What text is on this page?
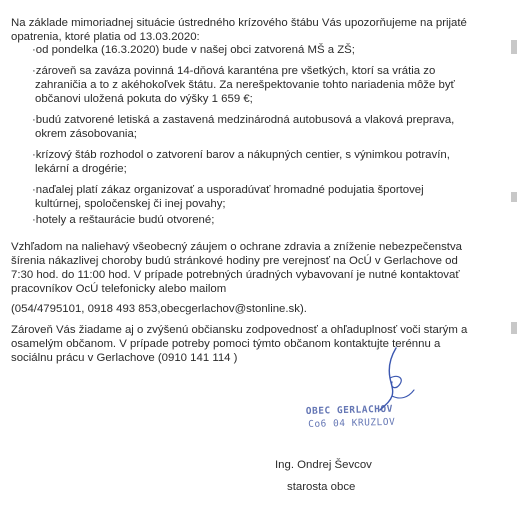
Na základe mimoriadnej situácie ústredného krízového štábu Vás upozorňujeme na prijaté
opatrenia, ktoré platia od 13.03.2020:
·od pondelka (16.3.2020) bude v našej obci zatvorená MŠ a ZŠ;
·zároveň sa zaváza povinná 14-dňová karanténa pre všetkých, ktorí sa vrátia zo
zahraničia a to z akéhokoľvek štátu. Za nerešpektovanie tohto nariadenia môže byť
občanovi uložená pokuta do výšky 1 659 €;
·budú zatvorené letiská a zastavená medzinárodná autobusová a vlaková preprava,
okrem zásobovania;
·krízový štáb rozhodol o zatvorení barov a nákupných centier, s výnimkou potravín,
lekární a drogérie;
·naďalej platí zákaz organizovať a usporadúvať hromadné podujatia športovej
kultúrnej, spoločenskej či inej povahy;
·hotely a reštaurácie budú otvorené;
Vzhľadom na naliehavý všeobecný záujem o ochrane zdravia a zníženie nebezpečenstva
šírenia nákazlivej choroby budú stránkové hodiny pre verejnosť na OcÚ v Gerlachove od
7:30 hod. do 11:00 hod. V prípade potrebných úradných vybavovaní je nutné kontaktovať
pracovníkov OcÚ telefonicky alebo mailom
(054/4795101, 0918 493 853,obecgerlachov@stonline.sk).
Zároveň Vás žiadame aj o zvýšenú občiansku zodpovednosť a ohľaduplnosť voči starým a
osamelým občanom. V prípade potreby pomoci týmto občanom kontaktujte terénnu a
sociálnu prácu v Gerlachove (0910 141 114 )
OBEC GERLACHOV
Co6 04 KRUZLOV
Ing. Ondrej Ševcov
starosta obce
